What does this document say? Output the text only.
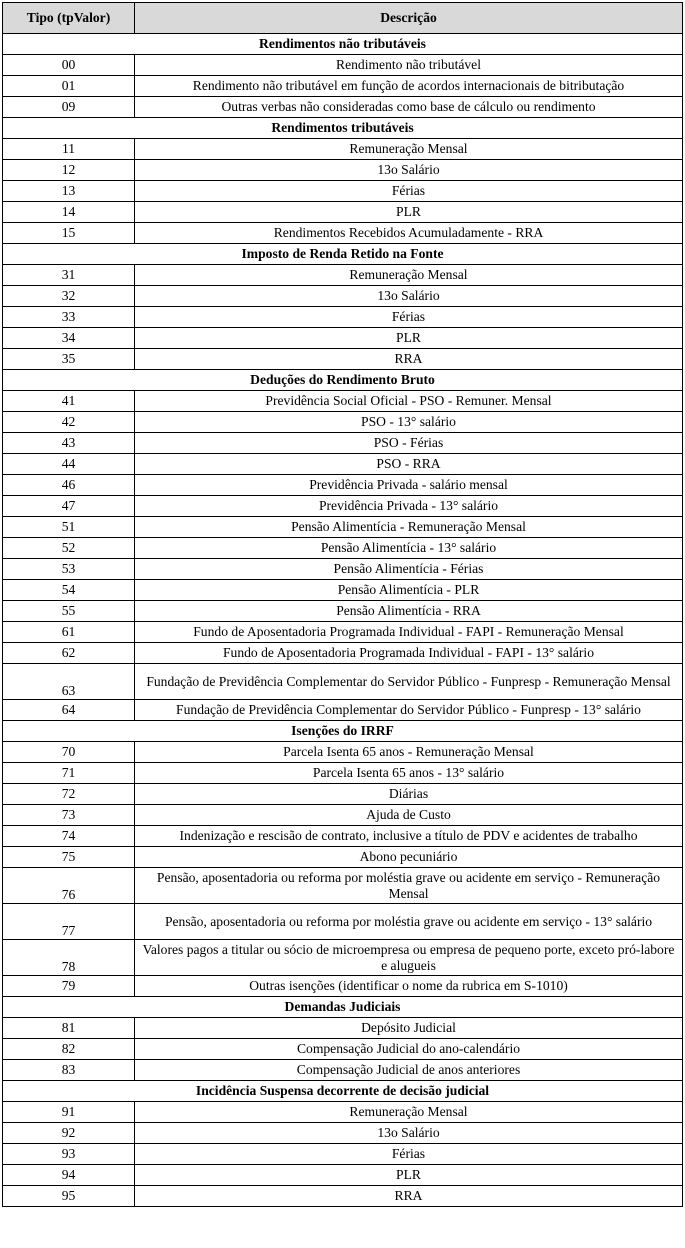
Tipo (tpValor)	Descrição
Rendimentos não tributáveis	
00	Rendimento não tributável
01	Rendimento não tributável em função de acordos internacionais de bitributação
09	Outras verbas não consideradas como base de cálculo ou rendimento
Rendimentos tributáveis	
11	Remuneração Mensal
12	13o Salário
13	Férias
14	PLR
15	Rendimentos Recebidos Acumuladamente - RRA
Imposto de Renda Retido na Fonte	
31	Remuneração Mensal
32	13o Salário
33	Férias
34	PLR
35	RRA
Deduções do Rendimento Bruto	
41	Previdência Social Oficial - PSO - Remuner. Mensal
42	PSO - 13° salário
43	PSO - Férias
44	PSO - RRA
46	Previdência Privada - salário mensal
47	Previdência Privada - 13° salário
51	Pensão Alimentícia - Remuneração Mensal
52	Pensão Alimentícia - 13° salário
53	Pensão Alimentícia - Férias
54	Pensão Alimentícia - PLR
55	Pensão Alimentícia - RRA
61	Fundo de Aposentadoria Programada Individual - FAPI - Remuneração Mensal
62	Fundo de Aposentadoria Programada Individual - FAPI - 13° salário
63	Fundação de Previdência Complementar do Servidor Público - Funpresp - Remuneração Mensal
64	Fundação de Previdência Complementar do Servidor Público - Funpresp - 13° salário
Isenções do IRRF	
70	Parcela Isenta 65 anos - Remuneração Mensal
71	Parcela Isenta 65 anos - 13° salário
72	Diárias
73	Ajuda de Custo
74	Indenização e rescisão de contrato, inclusive a título de PDV e acidentes de trabalho
75	Abono pecuniário
76	Pensão, aposentadoria ou reforma por moléstia grave ou acidente em serviço - Remuneração Mensal
77	Pensão, aposentadoria ou reforma por moléstia grave ou acidente em serviço - 13° salário
78	Valores pagos a titular ou sócio de microempresa ou empresa de pequeno porte, exceto pró-labore e alugueis
79	Outras isenções (identificar o nome da rubrica em S-1010)
Demandas Judiciais	
81	Depósito Judicial
82	Compensação Judicial do ano-calendário
83	Compensação Judicial de anos anteriores
Incidência Suspensa decorrente de decisão judicial	
91	Remuneração Mensal
92	13o Salário
93	Férias
94	PLR
95	RRA
